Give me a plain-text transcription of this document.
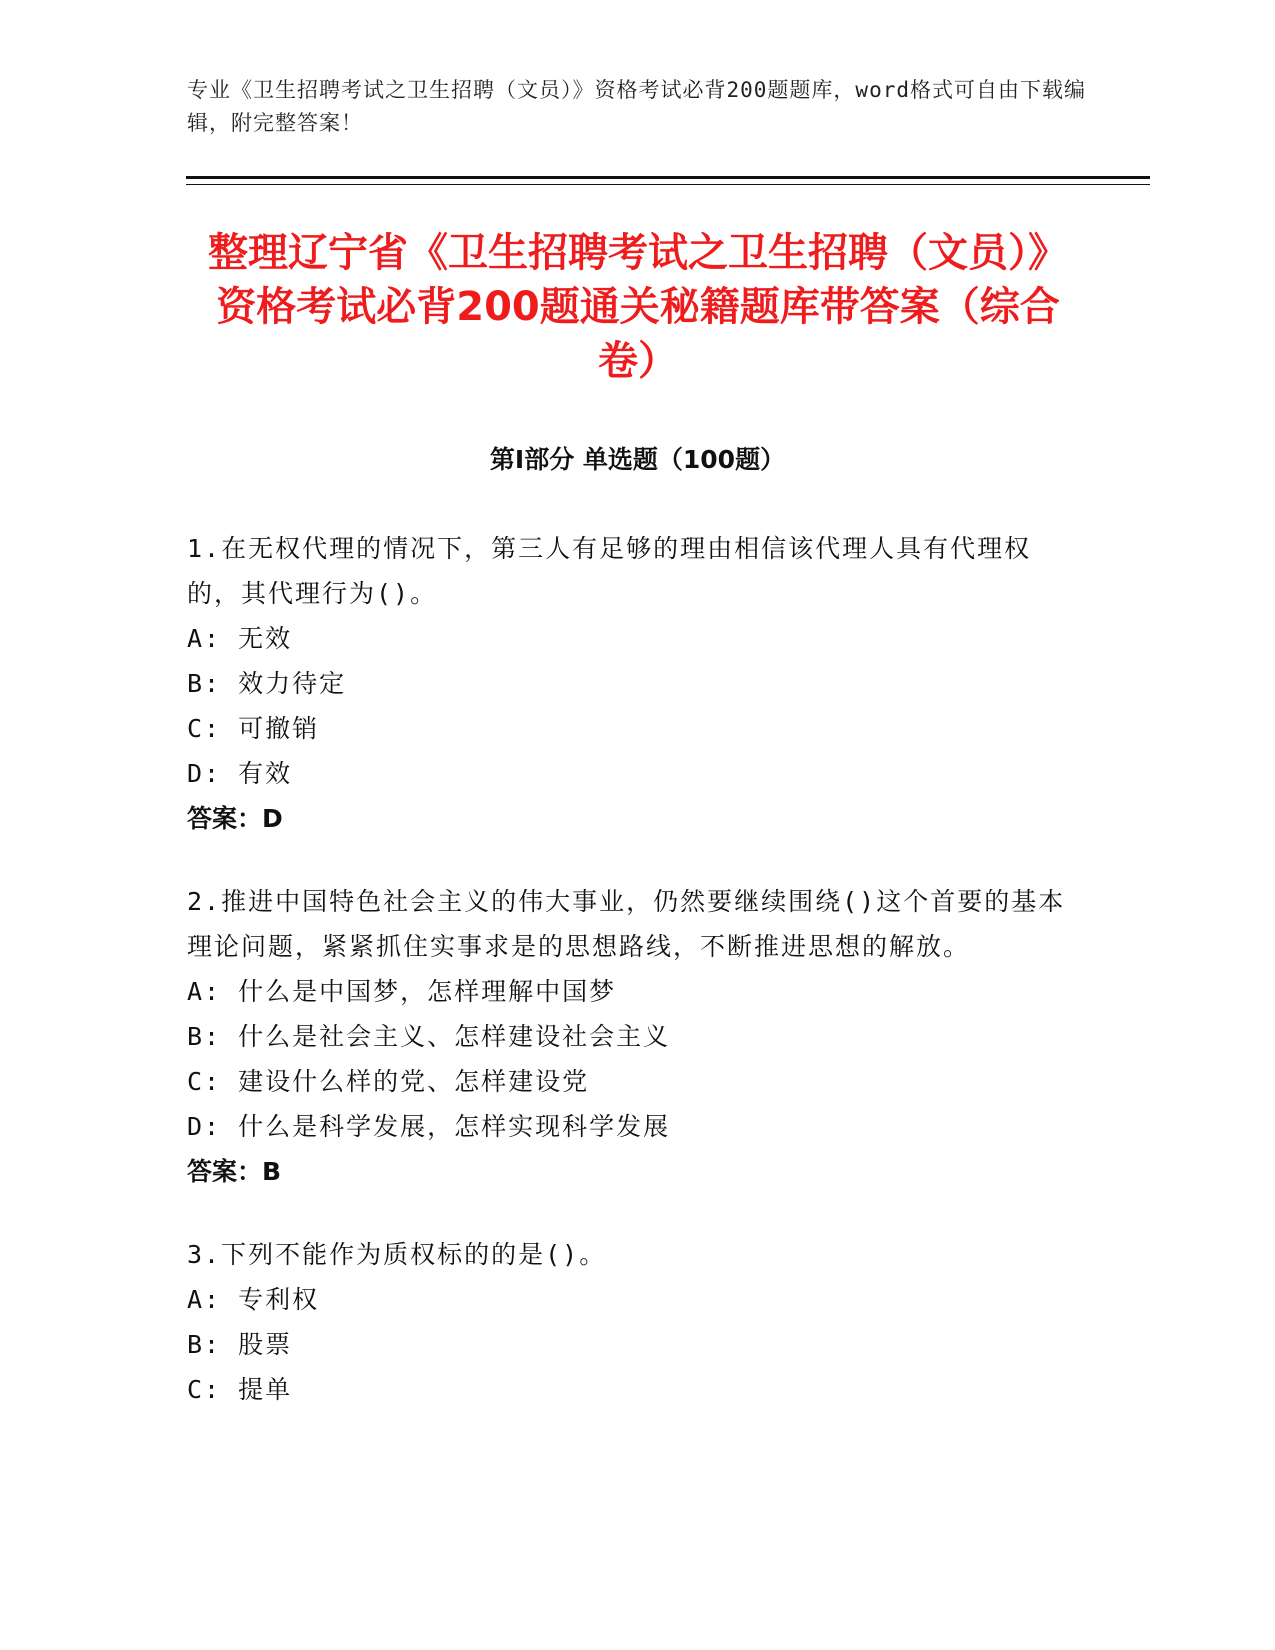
专业《卫生招聘考试之卫生招聘（文员）》资格考试必背200题题库，word格式可自由下载编辑，附完整答案！
整理辽宁省《卫生招聘考试之卫生招聘（文员）》资格考试必背200题通关秘籍题库带答案（综合卷）
第Ⅰ部分 单选题（100题）

1.在无权代理的情况下，第三人有足够的理由相信该代理人具有代理权的，其代理行为()。

A: 无效

B: 效力待定

C: 可撤销

D: 有效

答案：D

2.推进中国特色社会主义的伟大事业，仍然要继续围绕()这个首要的基本理论问题，紧紧抓住实事求是的思想路线，不断推进思想的解放。

A: 什么是中国梦，怎样理解中国梦

B: 什么是社会主义、怎样建设社会主义

C: 建设什么样的党、怎样建设党

D: 什么是科学发展，怎样实现科学发展

答案：B

3.下列不能作为质权标的的是()。

A: 专利权

B: 股票

C: 提单
